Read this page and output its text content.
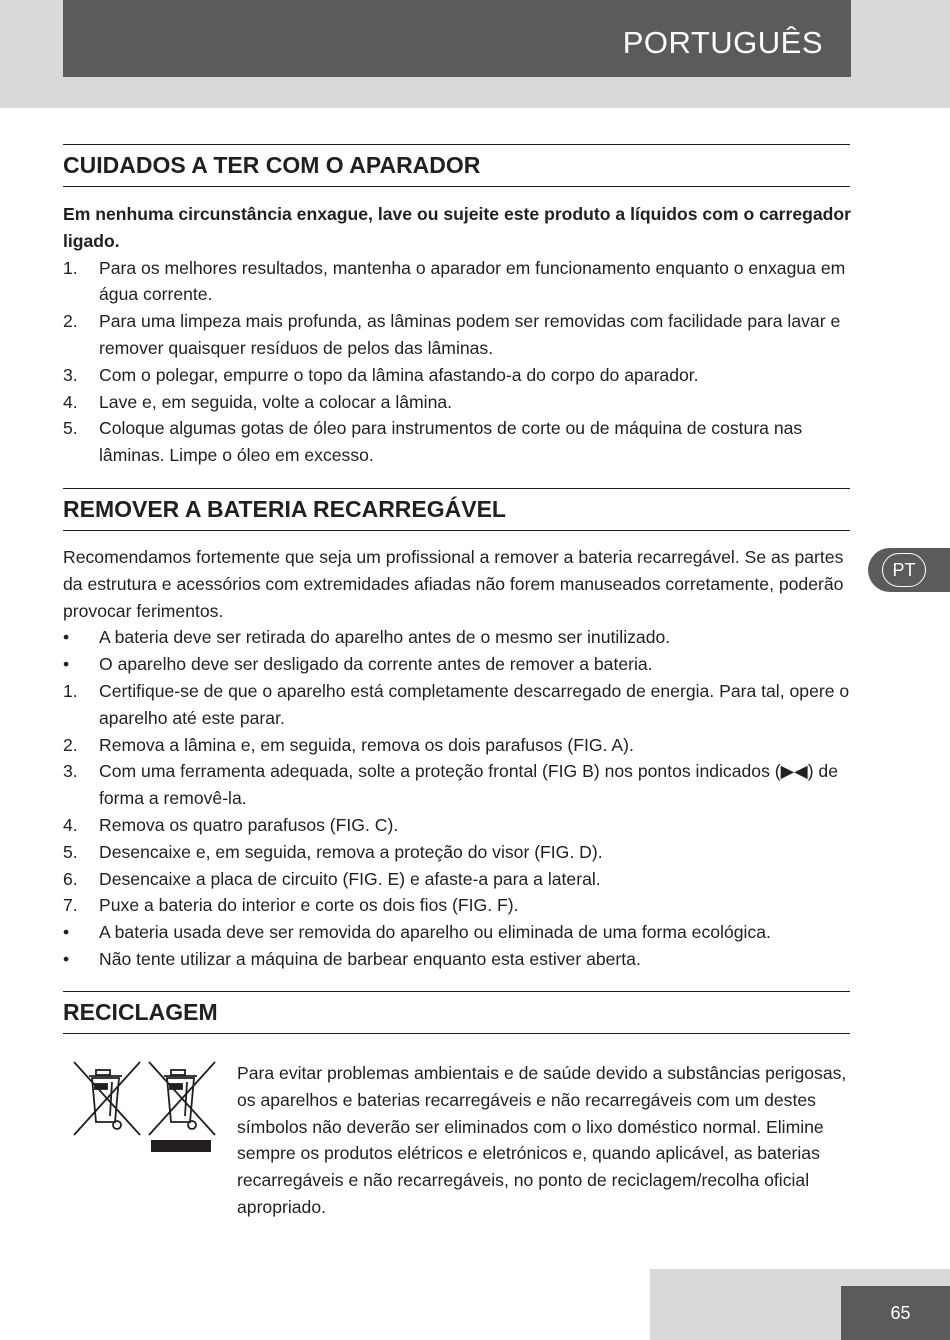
PORTUGUÊS
CUIDADOS A TER COM O APARADOR
Em nenhuma circunstância enxague, lave ou sujeite este produto a líquidos com o carregador ligado.
1.	Para os melhores resultados, mantenha o aparador em funcionamento enquanto o enxagua em água corrente.
2.	Para uma limpeza mais profunda, as lâminas podem ser removidas com facilidade para lavar e remover quaisquer resíduos de pelos das lâminas.
3.	Com o polegar, empurre o topo da lâmina afastando-a do corpo do aparador.
4.	Lave e, em seguida, volte a colocar a lâmina.
5.	Coloque algumas gotas de óleo para instrumentos de corte ou de máquina de costura nas lâminas. Limpe o óleo em excesso.
REMOVER A BATERIA RECARREGÁVEL
Recomendamos fortemente que seja um profissional a remover a bateria recarregável. Se as partes da estrutura e acessórios com extremidades afiadas não forem manuseados corretamente, poderão provocar ferimentos.
•	A bateria deve ser retirada do aparelho antes de o mesmo ser inutilizado.
•	O aparelho deve ser desligado da corrente antes de remover a bateria.
1.	Certifique-se de que o aparelho está completamente descarregado de energia. Para tal, opere o aparelho até este parar.
2.	Remova a lâmina e, em seguida, remova os dois parafusos (FIG. A).
3.	Com uma ferramenta adequada, solte a proteção frontal (FIG B) nos pontos indicados (▶◀) de forma a removê-la.
4.	Remova os quatro parafusos (FIG. C).
5.	Desencaixe e, em seguida, remova a proteção do visor (FIG. D).
6.	Desencaixe a placa de circuito (FIG. E) e afaste-a para a lateral.
7.	Puxe a bateria do interior e corte os dois fios (FIG. F).
•	A bateria usada deve ser removida do aparelho ou eliminada de uma forma ecológica.
•	Não tente utilizar a máquina de barbear enquanto esta estiver aberta.
PT
RECICLAGEM
Para evitar problemas ambientais e de saúde devido a substâncias perigosas, os aparelhos e baterias recarregáveis e não recarregáveis com um destes símbolos não deverão ser eliminados com o lixo doméstico normal. Elimine sempre os produtos elétricos e eletrónicos e, quando aplicável, as baterias recarregáveis e não recarregáveis, no ponto de reciclagem/recolha oficial apropriado.
65
